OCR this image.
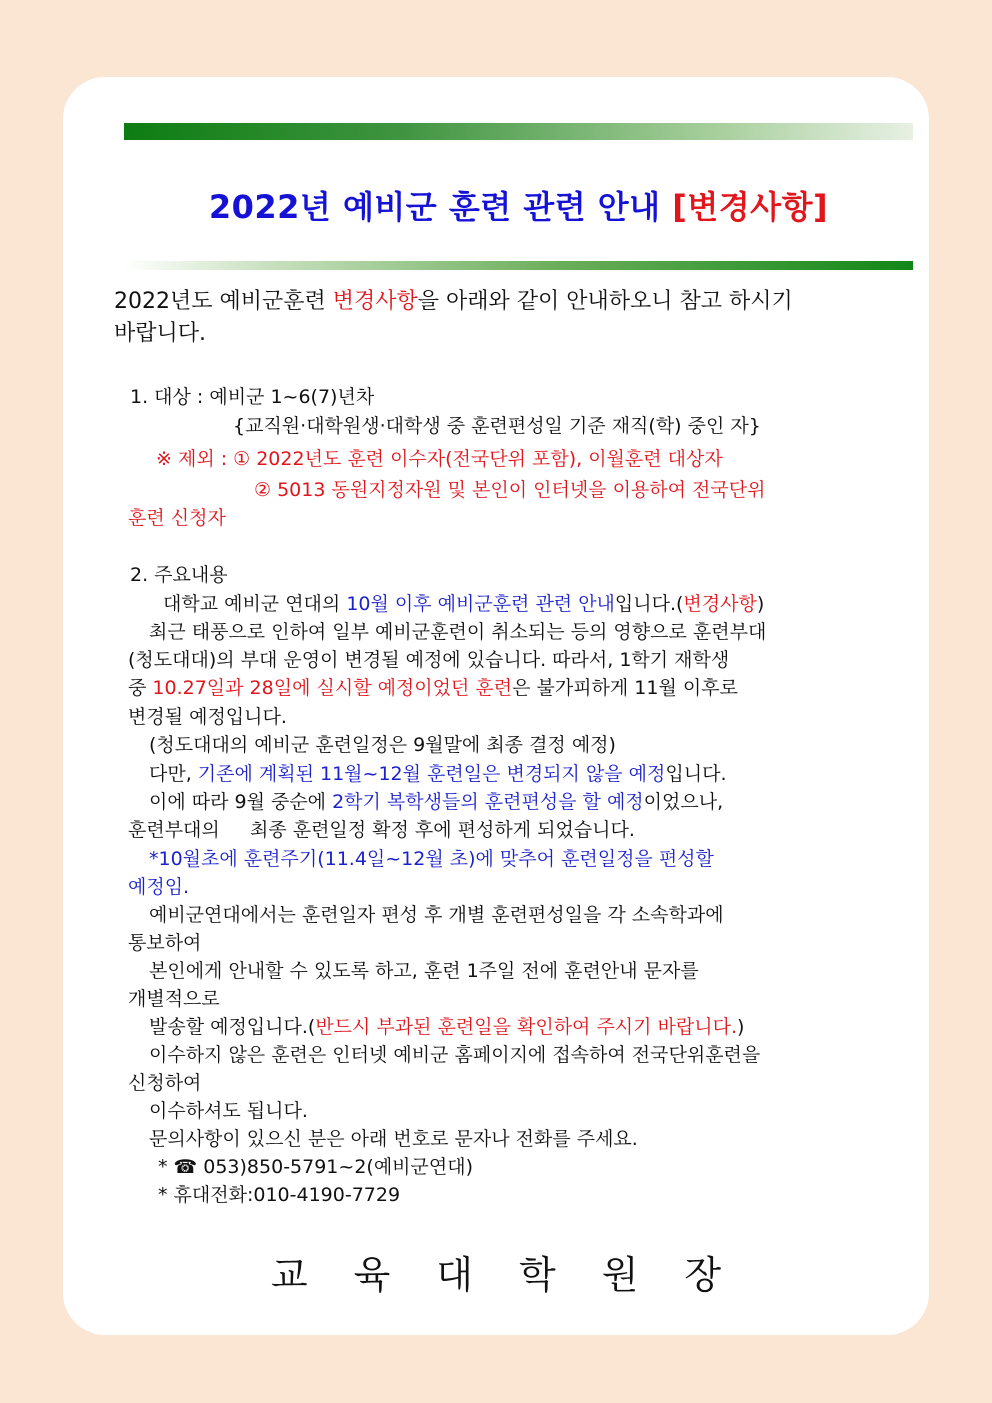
2022년 예비군 훈련 관련 안내 [변경사항]
2022년도 예비군훈련 변경사항을 아래와 같이 안내하오니 참고 하시기
바랍니다.
1. 대상 : 예비군 1~6(7)년차
{교직원·대학원생·대학생 중 훈련편성일 기준 재직(학) 중인 자}
※ 제외 : ① 2022년도 훈련 이수자(전국단위 포함), 이월훈련 대상자
② 5013 동원지정자원 및 본인이 인터넷을 이용하여 전국단위
훈련 신청자
2. 주요내용
대학교 예비군 연대의 10월 이후 예비군훈련 관련 안내입니다.(변경사항)
최근 태풍으로 인하여 일부 예비군훈련이 취소되는 등의 영향으로 훈련부대
(청도대대)의 부대 운영이 변경될 예정에 있습니다. 따라서, 1학기 재학생
중 10.27일과 28일에 실시할 예정이었던 훈련은 불가피하게 11월 이후로
변경될 예정입니다.
(청도대대의 예비군 훈련일정은 9월말에 최종 결정 예정)
다만, 기존에 계획된 11월~12월 훈련일은 변경되지 않을 예정입니다.
이에 따라 9월 중순에 2학기 복학생들의 훈련편성을 할 예정이었으나,
훈련부대의     최종 훈련일정 확정 후에 편성하게 되었습니다.
*10월초에 훈련주기(11.4일~12월 초)에 맞추어 훈련일정을 편성할
예정임.
예비군연대에서는 훈련일자 편성 후 개별 훈련편성일을 각 소속학과에
통보하여
본인에게 안내할 수 있도록 하고, 훈련 1주일 전에 훈련안내 문자를
개별적으로
발송할 예정입니다.(반드시 부과된 훈련일을 확인하여 주시기 바랍니다.)
이수하지 않은 훈련은 인터넷 예비군 홈페이지에 접속하여 전국단위훈련을
신청하여
이수하셔도 됩니다.
문의사항이 있으신 분은 아래 번호로 문자나 전화를 주세요.
* ☎ 053)850-5791~2(예비군연대)
* 휴대전화:010-4190-7729
교육대학원장
